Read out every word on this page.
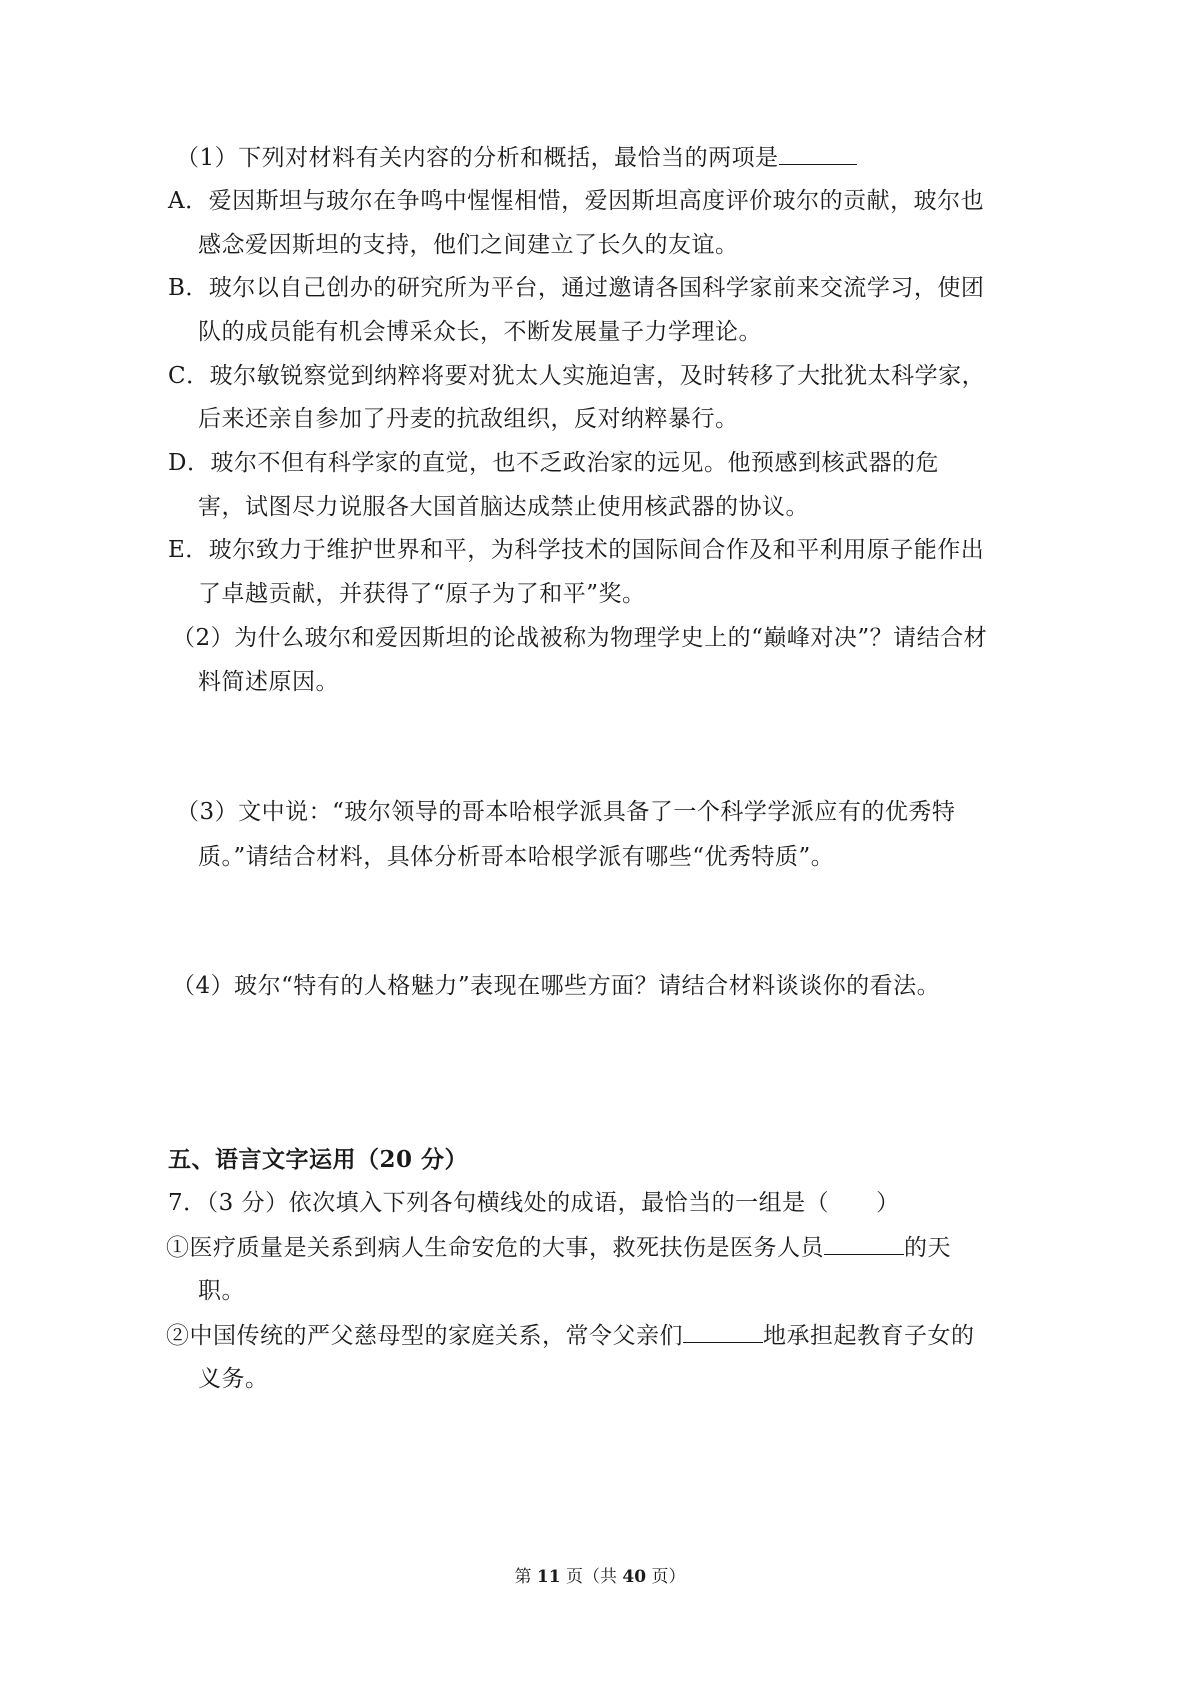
（1）下列对材料有关内容的分析和概括，最恰当的两项是
A．爱因斯坦与玻尔在争鸣中惺惺相惜，爱因斯坦高度评价玻尔的贡献，玻尔也
感念爱因斯坦的支持，他们之间建立了长久的友谊。
B．玻尔以自己创办的研究所为平台，通过邀请各国科学家前来交流学习，使团
队的成员能有机会博采众长，不断发展量子力学理论。
C．玻尔敏锐察觉到纳粹将要对犹太人实施迫害，及时转移了大批犹太科学家，
后来还亲自参加了丹麦的抗敌组织，反对纳粹暴行。
D．玻尔不但有科学家的直觉，也不乏政治家的远见。他预感到核武器的危
害，试图尽力说服各大国首脑达成禁止使用核武器的协议。
E．玻尔致力于维护世界和平，为科学技术的国际间合作及和平利用原子能作出
了卓越贡献，并获得了“原子为了和平”奖。
（2）为什么玻尔和爱因斯坦的论战被称为物理学史上的“巅峰对决”？请结合材
料简述原因。
（3）文中说：“玻尔领导的哥本哈根学派具备了一个科学学派应有的优秀特
质。”请结合材料，具体分析哥本哈根学派有哪些“优秀特质”。
（4）玻尔“特有的人格魅力”表现在哪些方面？请结合材料谈谈你的看法。
五、语言文字运用（20 分）
7．（3 分）依次填入下列各句横线处的成语，最恰当的一组是（　　）
①医疗质量是关系到病人生命安危的大事，救死扶伤是医务人员	的天
职。
②中国传统的严父慈母型的家庭关系，常令父亲们	地承担起教育子女的
义务。
第 11 页（共 40 页）
